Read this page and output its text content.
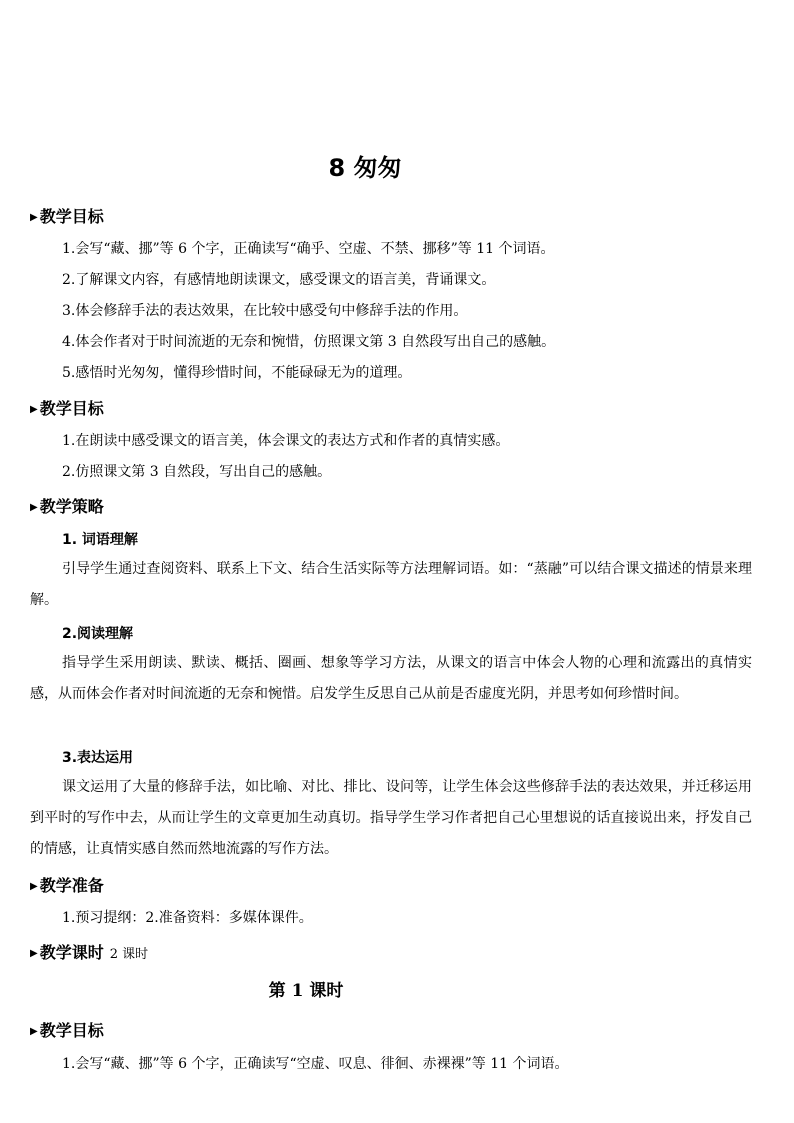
8 匆匆
▶ 教学目标
1.会写“藏、挪”等 6 个字，正确读写“确乎、空虚、不禁、挪移”等 11 个词语。
2.了解课文内容，有感情地朗读课文，感受课文的语言美，背诵课文。
3.体会修辞手法的表达效果，在比较中感受句中修辞手法的作用。
4.体会作者对于时间流逝的无奈和惋惜，仿照课文第 3 自然段写出自己的感触。
5.感悟时光匆匆，懂得珍惜时间，不能碌碌无为的道理。
▶ 教学目标
1.在朗读中感受课文的语言美，体会课文的表达方式和作者的真情实感。
2.仿照课文第 3 自然段，写出自己的感触。
▶ 教学策略
1. 词语理解
引导学生通过查阅资料、联系上下文、结合生活实际等方法理解词语。如：“蒸融”可以结合课文描述的情景来理解。
2.阅读理解
指导学生采用朗读、默读、概括、圈画、想象等学习方法，从课文的语言中体会人物的心理和流露出的真情实感，从而体会作者对时间流逝的无奈和惋惜。启发学生反思自己从前是否虚度光阴，并思考如何珍惜时间。
3.表达运用
课文运用了大量的修辞手法，如比喻、对比、排比、设问等，让学生体会这些修辞手法的表达效果，并迁移运用到平时的写作中去，从而让学生的文章更加生动真切。指导学生学习作者把自己心里想说的话直接说出来，抒发自己的情感，让真情实感自然而然地流露的写作方法。
▶ 教学准备
1.预习提纲：2.准备资料：多媒体课件。
▶ 教学课时 2 课时
第 1 课时
▶ 教学目标
1.会写“藏、挪”等 6 个字，正确读写“空虚、叹息、徘徊、赤裸裸”等 11 个词语。
